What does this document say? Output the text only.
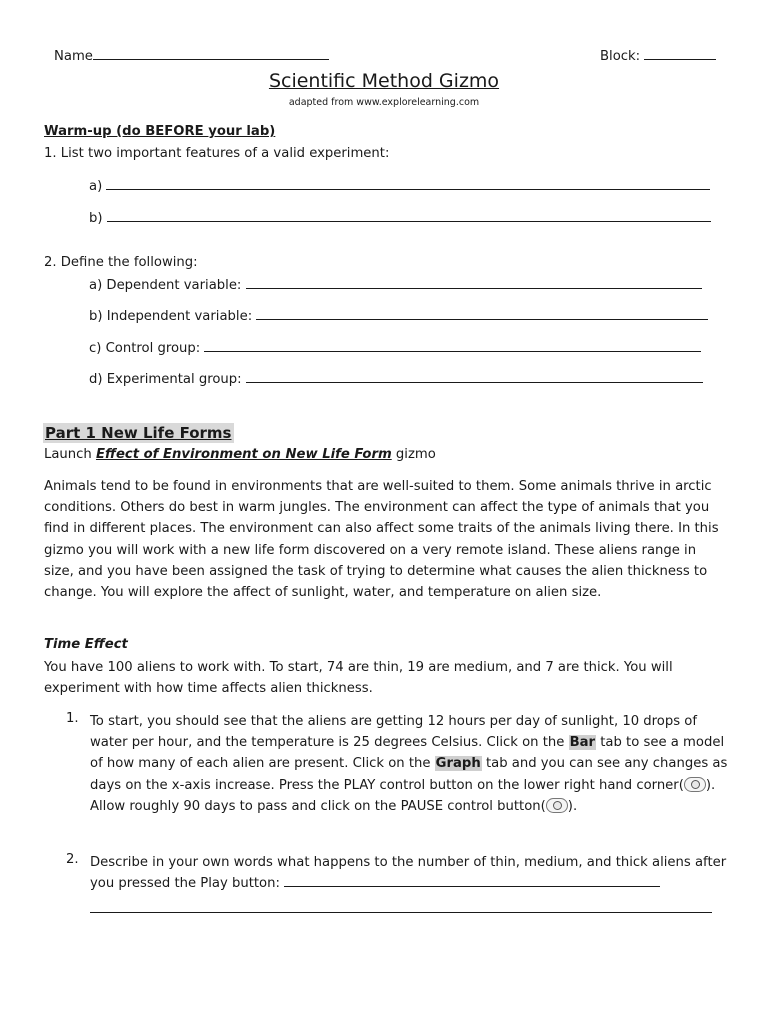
Name	Block:
Scientific Method Gizmo
adapted from www.explorelearning.com
Warm-up (do BEFORE your lab)
1. List two important features of a valid experiment:
a)
b)
2. Define the following:
a) Dependent variable:
b) Independent variable:
c) Control group:
d) Experimental group:
Part 1 New Life Forms
Launch Effect of Environment on New Life Form gizmo
Animals tend to be found in environments that are well-suited to them. Some animals thrive in arctic conditions. Others do best in warm jungles. The environment can affect the type of animals that you find in different places. The environment can also affect some traits of the animals living there. In this gizmo you will work with a new life form discovered on a very remote island. These aliens range in size, and you have been assigned the task of trying to determine what causes the alien thickness to change. You will explore the affect of sunlight, water, and temperature on alien size.
Time Effect
You have 100 aliens to work with. To start, 74 are thin, 19 are medium, and 7 are thick. You will experiment with how time affects alien thickness.
1. To start, you should see that the aliens are getting 12 hours per day of sunlight, 10 drops of water per hour, and the temperature is 25 degrees Celsius. Click on the Bar tab to see a model of how many of each alien are present. Click on the Graph tab and you can see any changes as days on the x-axis increase. Press the PLAY control button on the lower right hand corner( ). Allow roughly 90 days to pass and click on the PAUSE control button( ).
2. Describe in your own words what happens to the number of thin, medium, and thick aliens after you pressed the Play button:
